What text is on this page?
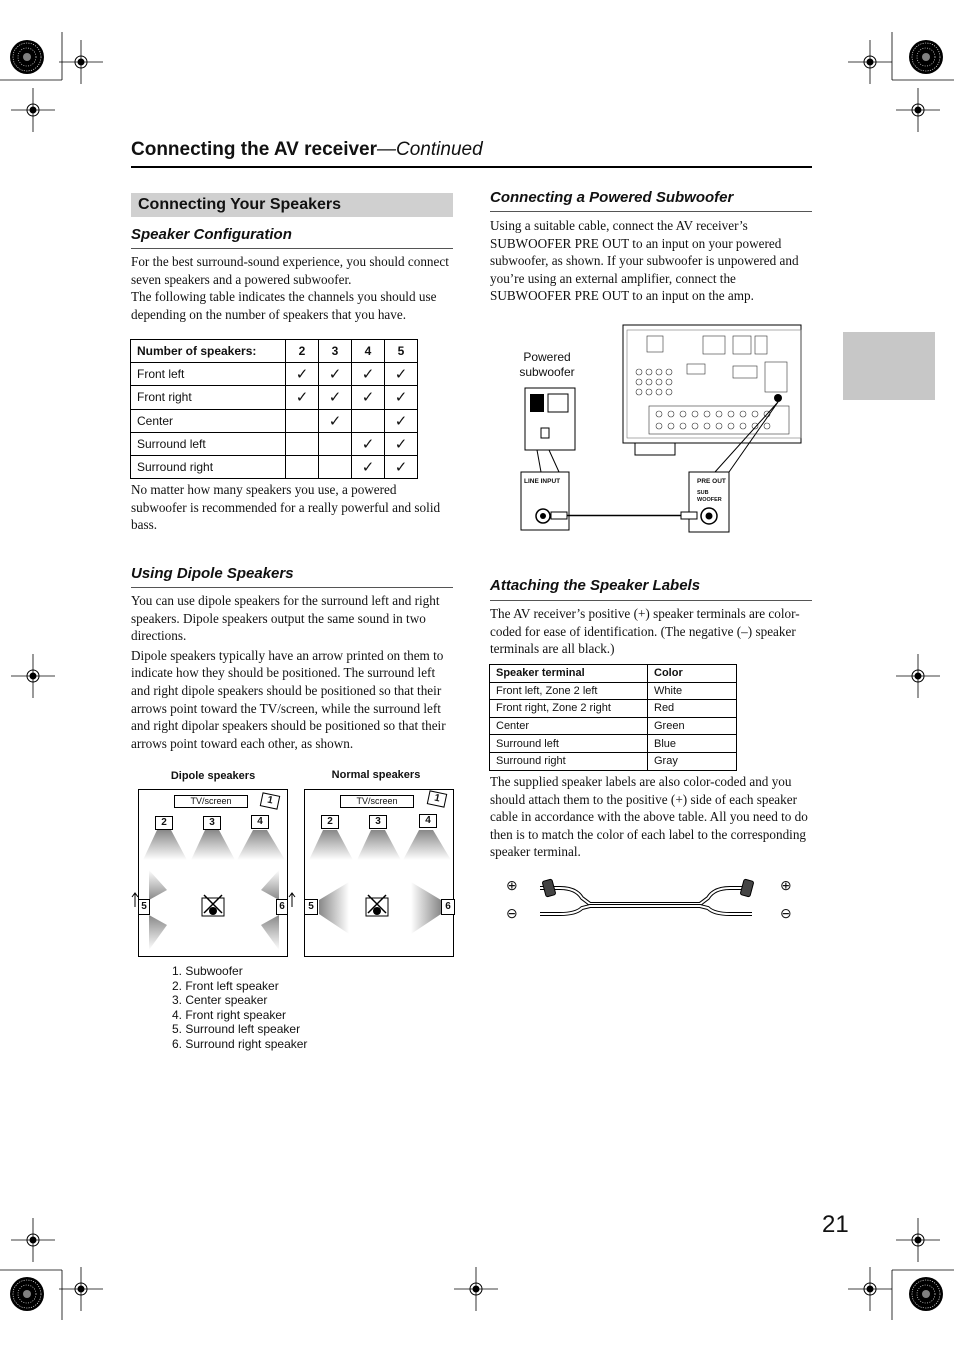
Connecting the AV receiver—Continued
Connecting Your Speakers
Speaker Configuration
For the best surround-sound experience, you should connect seven speakers and a powered subwoofer.
The following table indicates the channels you should use depending on the number of speakers that you have.
Number of speakers:	2	3	4	5
Front left	✓	✓	✓	✓
Front right	✓	✓	✓	✓
Center		✓		✓
Surround left			✓	✓
Surround right			✓	✓
No matter how many speakers you use, a powered subwoofer is recommended for a really powerful and solid bass.
Using Dipole Speakers
You can use dipole speakers for the surround left and right speakers. Dipole speakers output the same sound in two directions.
Dipole speakers typically have an arrow printed on them to indicate how they should be positioned. The surround left and right dipole speakers should be positioned so that their arrows point toward the TV/screen, while the surround left and right dipolar speakers should be positioned so that their arrows point toward each other, as shown.
Dipole speakers	Normal speakers
TV/screen	1
2	3	4
5	6
TV/screen	1
2	3	4
5	6
1. Subwoofer
2. Front left speaker
3. Center speaker
4. Front right speaker
5. Surround left speaker
6. Surround right speaker
Connecting a Powered Subwoofer
Using a suitable cable, connect the AV receiver’s SUBWOOFER PRE OUT to an input on your powered subwoofer, as shown. If your subwoofer is unpowered and you’re using an external amplifier, connect the SUBWOOFER PRE OUT to an input on the amp.
Powered subwoofer
LINE INPUT	PRE OUT
SUB WOOFER
Attaching the Speaker Labels
The AV receiver’s positive (+) speaker terminals are color-coded for ease of identification. (The negative (–) speaker terminals are all black.)
Speaker terminal	Color
Front left, Zone 2 left	White
Front right, Zone 2 right	Red
Center	Green
Surround left	Blue
Surround right	Gray
The supplied speaker labels are also color-coded and you should attach them to the positive (+) side of each speaker cable in accordance with the above table. All you need to do then is to match the color of each label to the corresponding speaker terminal.
⊕	⊕
⊖	⊖
21
